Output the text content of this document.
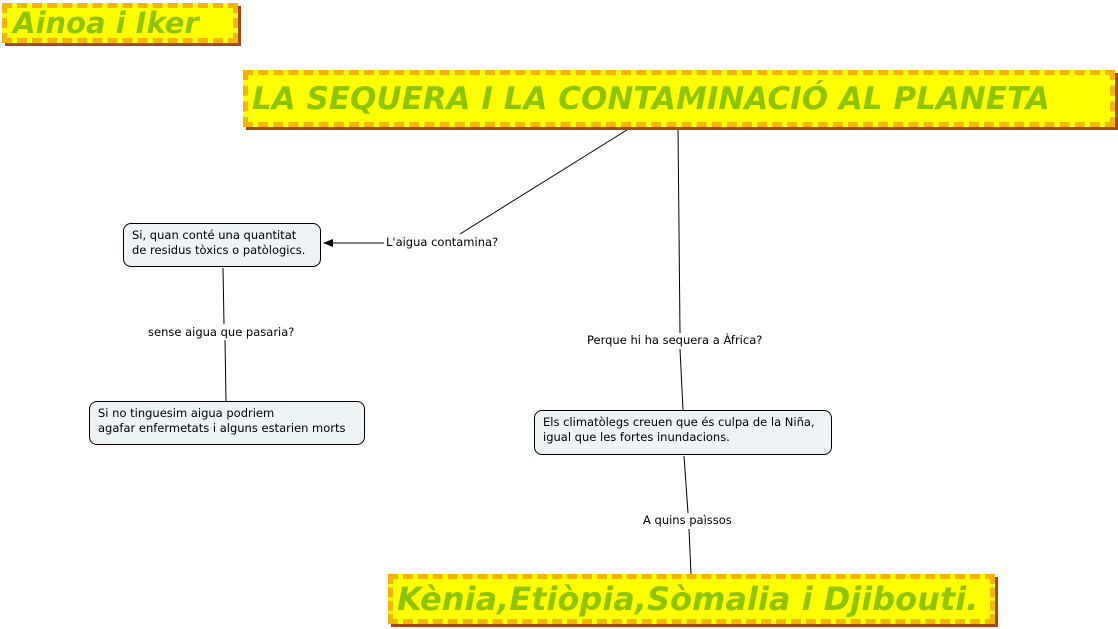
Ainoa i Iker
LA SEQUERA I LA CONTAMINACIÓ AL PLANETA
Si, quan conté una quantitat
de residus tòxics o patòlogics.
L'aigua contamina?
sense aigua que pasaria?
Si no tinguesim aigua podriem
agafar enfermetats i alguns estarien morts
Perque hi ha sequera a Àfrica?
Els climatòlegs creuen que és culpa de la Niña,
igual que les fortes inundacions.
A quins paìssos
Kènia,Etiòpia,Sòmalia i Djibouti.
